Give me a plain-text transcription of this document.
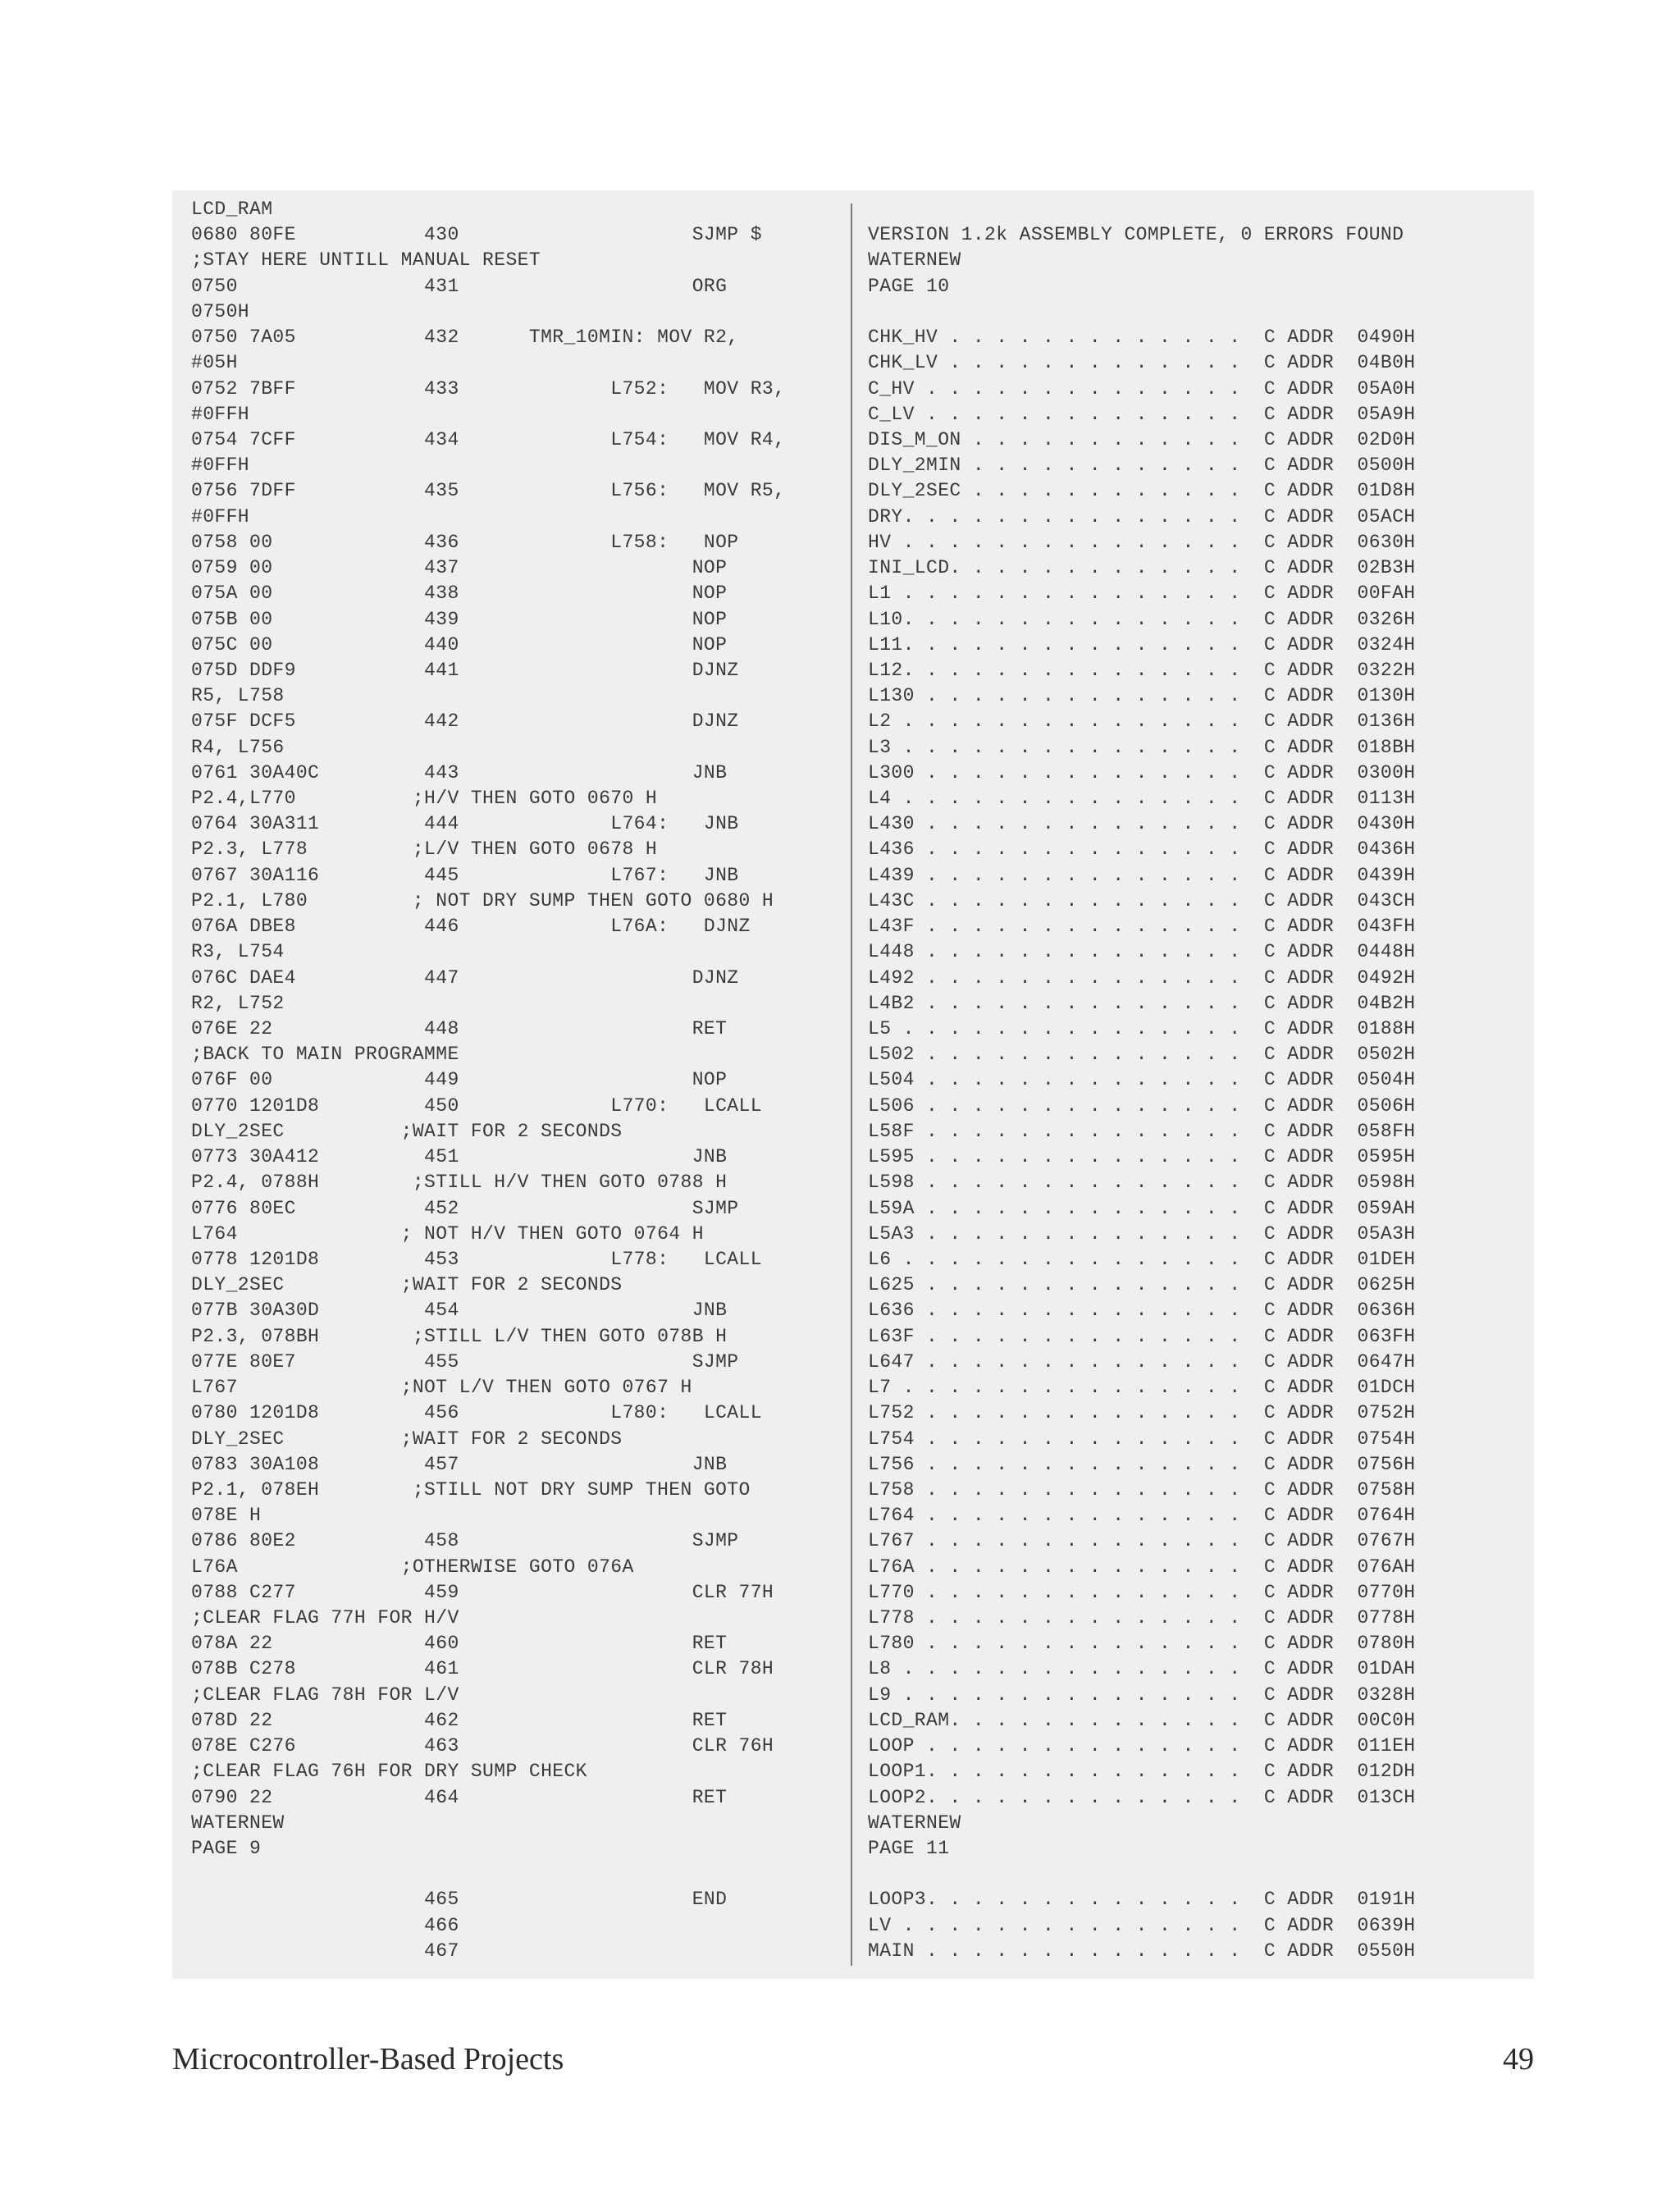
LCD_RAM
0680 80FE           430                    SJMP $
;STAY HERE UNTILL MANUAL RESET
0750                431                    ORG
0750H
0750 7A05           432      TMR_10MIN: MOV R2,
#05H
0752 7BFF           433             L752:   MOV R3,
#0FFH
0754 7CFF           434             L754:   MOV R4,
#0FFH
0756 7DFF           435             L756:   MOV R5,
#0FFH
0758 00             436             L758:   NOP
0759 00             437                    NOP
075A 00             438                    NOP
075B 00             439                    NOP
075C 00             440                    NOP
075D DDF9           441                    DJNZ
R5, L758
075F DCF5           442                    DJNZ
R4, L756
0761 30A40C         443                    JNB
P2.4,L770          ;H/V THEN GOTO 0670 H
0764 30A311         444             L764:   JNB
P2.3, L778         ;L/V THEN GOTO 0678 H
0767 30A116         445             L767:   JNB
P2.1, L780         ; NOT DRY SUMP THEN GOTO 0680 H
076A DBE8           446             L76A:   DJNZ
R3, L754
076C DAE4           447                    DJNZ
R2, L752
076E 22             448                    RET
;BACK TO MAIN PROGRAMME
076F 00             449                    NOP
0770 1201D8         450             L770:   LCALL
DLY_2SEC          ;WAIT FOR 2 SECONDS
0773 30A412         451                    JNB
P2.4, 0788H        ;STILL H/V THEN GOTO 0788 H
0776 80EC           452                    SJMP
L764              ; NOT H/V THEN GOTO 0764 H
0778 1201D8         453             L778:   LCALL
DLY_2SEC          ;WAIT FOR 2 SECONDS
077B 30A30D         454                    JNB
P2.3, 078BH        ;STILL L/V THEN GOTO 078B H
077E 80E7           455                    SJMP
L767              ;NOT L/V THEN GOTO 0767 H
0780 1201D8         456             L780:   LCALL
DLY_2SEC          ;WAIT FOR 2 SECONDS
0783 30A108         457                    JNB
P2.1, 078EH        ;STILL NOT DRY SUMP THEN GOTO
078E H
0786 80E2           458                    SJMP
L76A              ;OTHERWISE GOTO 076A
0788 C277           459                    CLR 77H
;CLEAR FLAG 77H FOR H/V
078A 22             460                    RET
078B C278           461                    CLR 78H
;CLEAR FLAG 78H FOR L/V
078D 22             462                    RET
078E C276           463                    CLR 76H
;CLEAR FLAG 76H FOR DRY SUMP CHECK
0790 22             464                    RET
WATERNEW
PAGE 9
465                    END
466
467
VERSION 1.2k ASSEMBLY COMPLETE, 0 ERRORS FOUND
WATERNEW
PAGE 10
CHK_HV . . . . . . . . . . . . .  C ADDR  0490H
CHK_LV . . . . . . . . . . . . .  C ADDR  04B0H
C_HV . . . . . . . . . . . . . .  C ADDR  05A0H
C_LV . . . . . . . . . . . . . .  C ADDR  05A9H
DIS_M_ON . . . . . . . . . . . .  C ADDR  02D0H
DLY_2MIN . . . . . . . . . . . .  C ADDR  0500H
DLY_2SEC . . . . . . . . . . . .  C ADDR  01D8H
DRY. . . . . . . . . . . . . . .  C ADDR  05ACH
HV . . . . . . . . . . . . . . .  C ADDR  0630H
INI_LCD. . . . . . . . . . . . .  C ADDR  02B3H
L1 . . . . . . . . . . . . . . .  C ADDR  00FAH
L10. . . . . . . . . . . . . . .  C ADDR  0326H
L11. . . . . . . . . . . . . . .  C ADDR  0324H
L12. . . . . . . . . . . . . . .  C ADDR  0322H
L130 . . . . . . . . . . . . . .  C ADDR  0130H
L2 . . . . . . . . . . . . . . .  C ADDR  0136H
L3 . . . . . . . . . . . . . . .  C ADDR  018BH
L300 . . . . . . . . . . . . . .  C ADDR  0300H
L4 . . . . . . . . . . . . . . .  C ADDR  0113H
L430 . . . . . . . . . . . . . .  C ADDR  0430H
L436 . . . . . . . . . . . . . .  C ADDR  0436H
L439 . . . . . . . . . . . . . .  C ADDR  0439H
L43C . . . . . . . . . . . . . .  C ADDR  043CH
L43F . . . . . . . . . . . . . .  C ADDR  043FH
L448 . . . . . . . . . . . . . .  C ADDR  0448H
L492 . . . . . . . . . . . . . .  C ADDR  0492H
L4B2 . . . . . . . . . . . . . .  C ADDR  04B2H
L5 . . . . . . . . . . . . . . .  C ADDR  0188H
L502 . . . . . . . . . . . . . .  C ADDR  0502H
L504 . . . . . . . . . . . . . .  C ADDR  0504H
L506 . . . . . . . . . . . . . .  C ADDR  0506H
L58F . . . . . . . . . . . . . .  C ADDR  058FH
L595 . . . . . . . . . . . . . .  C ADDR  0595H
L598 . . . . . . . . . . . . . .  C ADDR  0598H
L59A . . . . . . . . . . . . . .  C ADDR  059AH
L5A3 . . . . . . . . . . . . . .  C ADDR  05A3H
L6 . . . . . . . . . . . . . . .  C ADDR  01DEH
L625 . . . . . . . . . . . . . .  C ADDR  0625H
L636 . . . . . . . . . . . . . .  C ADDR  0636H
L63F . . . . . . . . . . . . . .  C ADDR  063FH
L647 . . . . . . . . . . . . . .  C ADDR  0647H
L7 . . . . . . . . . . . . . . .  C ADDR  01DCH
L752 . . . . . . . . . . . . . .  C ADDR  0752H
L754 . . . . . . . . . . . . . .  C ADDR  0754H
L756 . . . . . . . . . . . . . .  C ADDR  0756H
L758 . . . . . . . . . . . . . .  C ADDR  0758H
L764 . . . . . . . . . . . . . .  C ADDR  0764H
L767 . . . . . . . . . . . . . .  C ADDR  0767H
L76A . . . . . . . . . . . . . .  C ADDR  076AH
L770 . . . . . . . . . . . . . .  C ADDR  0770H
L778 . . . . . . . . . . . . . .  C ADDR  0778H
L780 . . . . . . . . . . . . . .  C ADDR  0780H
L8 . . . . . . . . . . . . . . .  C ADDR  01DAH
L9 . . . . . . . . . . . . . . .  C ADDR  0328H
LCD_RAM. . . . . . . . . . . . .  C ADDR  00C0H
LOOP . . . . . . . . . . . . . .  C ADDR  011EH
LOOP1. . . . . . . . . . . . . .  C ADDR  012DH
LOOP2. . . . . . . . . . . . . .  C ADDR  013CH
WATERNEW
PAGE 11
LOOP3. . . . . . . . . . . . . .  C ADDR  0191H
LV . . . . . . . . . . . . . . .  C ADDR  0639H
MAIN . . . . . . . . . . . . . .  C ADDR  0550H
Microcontroller-Based Projects	49
